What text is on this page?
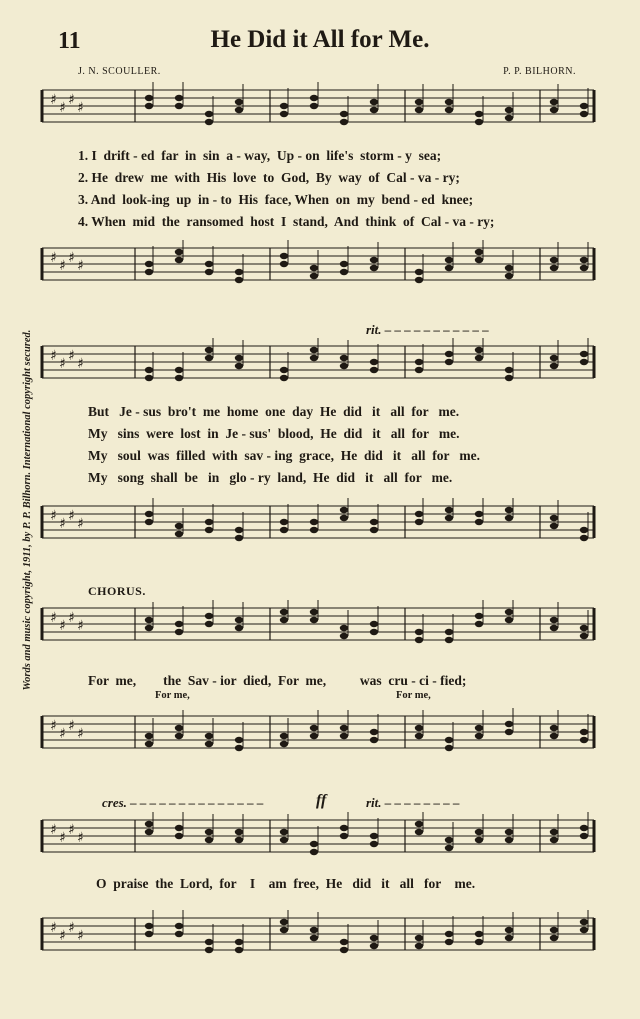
11	He Did it All for Me.
J. N. SCOULLER.	P. P. BILHORN.
Words and music copyright, 1911, by P. P. Bilhorn. International copyright secured.
♯ ♯ ♯ ♯
1. I  drift - ed  far  in  sin  a - way,  Up - on  life's  storm - y  sea;
2. He  drew  me  with  His  love  to  God,  By  way  of  Cal - va - ry;
3. And  look-ing  up  in - to  His  face, When  on  my  bend - ed  knee;
4. When  mid  the  ransomed  host  I  stand,  And  think  of  Cal - va - ry;
♯ ♯ ♯ ♯
rit. – – – – – – – – – – –
♯ ♯ ♯ ♯
But   Je - sus  bro't  me  home  one  day  He  did   it   all  for   me.
My   sins  were  lost  in  Je - sus'  blood,  He  did   it   all  for   me.
My   soul  was  filled  with  sav - ing  grace,  He  did   it   all  for   me.
My   song  shall  be   in   glo - ry  land,  He  did   it   all  for   me.
♯ ♯ ♯ ♯
CHORUS.
♯ ♯ ♯ ♯
For  me,        the  Sav - ior  died,  For  me,          was  cru - ci - fied;
For me,	For me,
♯ ♯ ♯ ♯
cres. – – – – – – – – – – – – – –	ff	rit. – – – – – – – –
♯ ♯ ♯ ♯
O  praise  the  Lord,  for    I    am  free,  He   did   it   all   for    me.
♯ ♯ ♯ ♯
